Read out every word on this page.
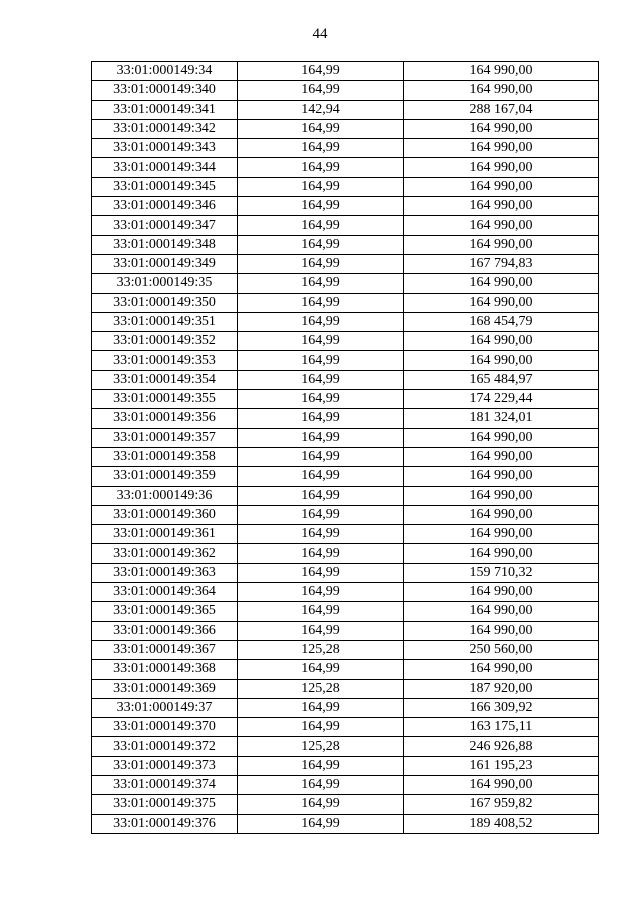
44
33:01:000149:34	164,99	164 990,00
33:01:000149:340	164,99	164 990,00
33:01:000149:341	142,94	288 167,04
33:01:000149:342	164,99	164 990,00
33:01:000149:343	164,99	164 990,00
33:01:000149:344	164,99	164 990,00
33:01:000149:345	164,99	164 990,00
33:01:000149:346	164,99	164 990,00
33:01:000149:347	164,99	164 990,00
33:01:000149:348	164,99	164 990,00
33:01:000149:349	164,99	167 794,83
33:01:000149:35	164,99	164 990,00
33:01:000149:350	164,99	164 990,00
33:01:000149:351	164,99	168 454,79
33:01:000149:352	164,99	164 990,00
33:01:000149:353	164,99	164 990,00
33:01:000149:354	164,99	165 484,97
33:01:000149:355	164,99	174 229,44
33:01:000149:356	164,99	181 324,01
33:01:000149:357	164,99	164 990,00
33:01:000149:358	164,99	164 990,00
33:01:000149:359	164,99	164 990,00
33:01:000149:36	164,99	164 990,00
33:01:000149:360	164,99	164 990,00
33:01:000149:361	164,99	164 990,00
33:01:000149:362	164,99	164 990,00
33:01:000149:363	164,99	159 710,32
33:01:000149:364	164,99	164 990,00
33:01:000149:365	164,99	164 990,00
33:01:000149:366	164,99	164 990,00
33:01:000149:367	125,28	250 560,00
33:01:000149:368	164,99	164 990,00
33:01:000149:369	125,28	187 920,00
33:01:000149:37	164,99	166 309,92
33:01:000149:370	164,99	163 175,11
33:01:000149:372	125,28	246 926,88
33:01:000149:373	164,99	161 195,23
33:01:000149:374	164,99	164 990,00
33:01:000149:375	164,99	167 959,82
33:01:000149:376	164,99	189 408,52
